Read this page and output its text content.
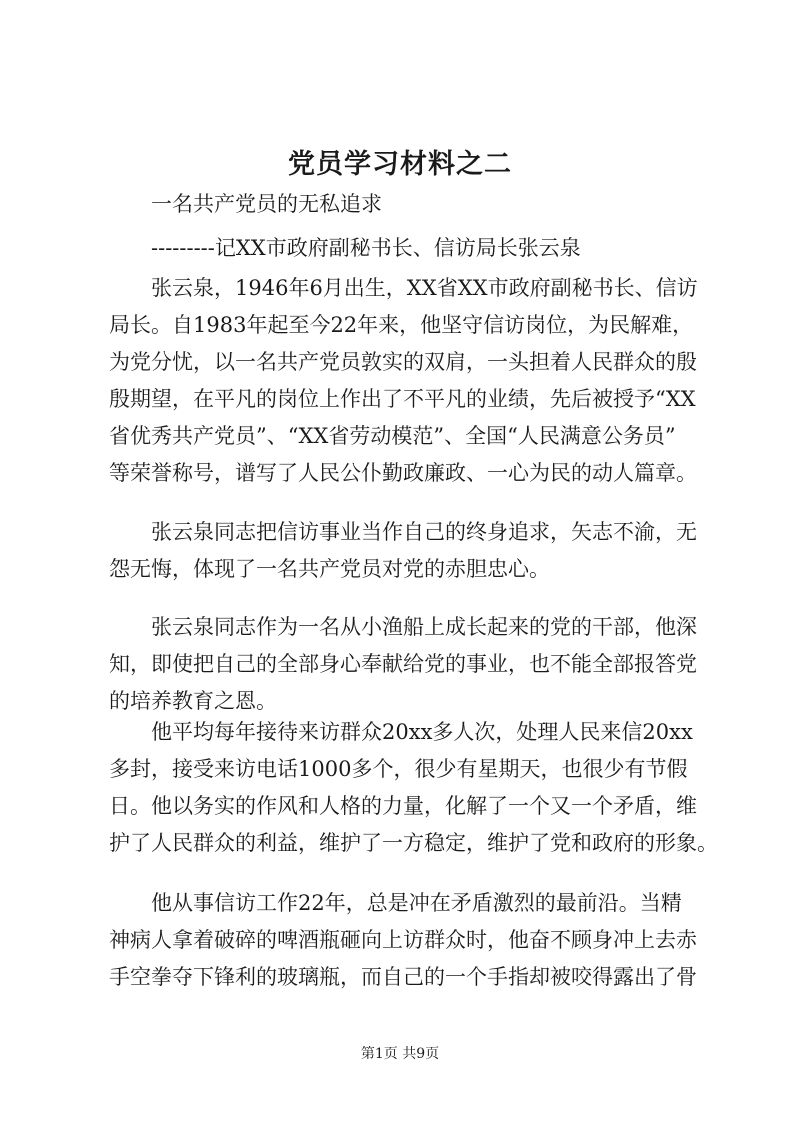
党员学习材料之二
一名共产党员的无私追求
---------记XX市政府副秘书长、信访局长张云泉
张云泉，1946年6月出生，XX省XX市政府副秘书长、信访
局长。自1983年起至今22年来，他坚守信访岗位，为民解难，
为党分忧，以一名共产党员敦实的双肩，一头担着人民群众的殷
殷期望，在平凡的岗位上作出了不平凡的业绩，先后被授予“XX
省优秀共产党员”、“XX省劳动模范”、全国“人民满意公务员”
等荣誉称号，谱写了人民公仆勤政廉政、一心为民的动人篇章。
张云泉同志把信访事业当作自己的终身追求，矢志不渝，无
怨无悔，体现了一名共产党员对党的赤胆忠心。
张云泉同志作为一名从小渔船上成长起来的党的干部，他深
知，即使把自己的全部身心奉献给党的事业，也不能全部报答党
的培养教育之恩。
他平均每年接待来访群众20xx多人次，处理人民来信20xx
多封，接受来访电话1000多个，很少有星期天，也很少有节假
日。他以务实的作风和人格的力量，化解了一个又一个矛盾，维
护了人民群众的利益，维护了一方稳定，维护了党和政府的形象。
他从事信访工作22年，总是冲在矛盾激烈的最前沿。当精
神病人拿着破碎的啤酒瓶砸向上访群众时，他奋不顾身冲上去赤
手空拳夺下锋利的玻璃瓶，而自己的一个手指却被咬得露出了骨
第1页 共9页
